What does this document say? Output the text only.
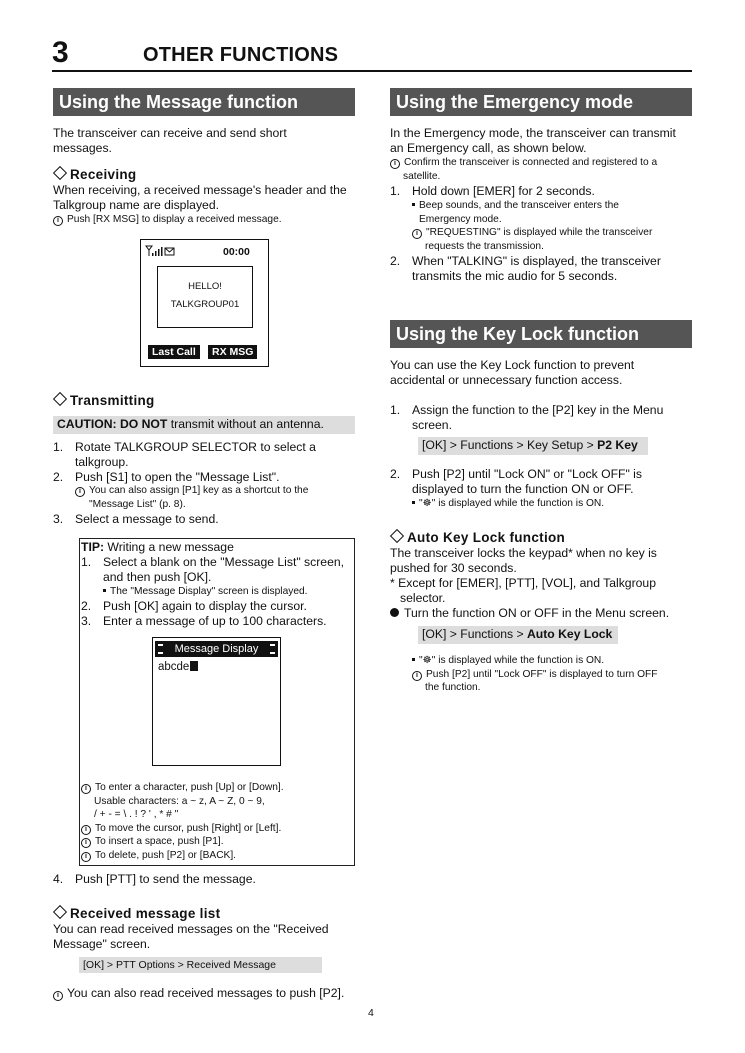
3	OTHER FUNCTIONS
Using the Message function
The transceiver can receive and send short
messages.
Receiving
When receiving, a received message's header and the
Talkgroup name are displayed.
i Push [RX MSG] to display a received message.
00:00
HELLO!
TALKGROUP01
Last Call	RX MSG
Transmitting
CAUTION: DO NOT transmit without an antenna.
1. Rotate TALKGROUP SELECTOR to select a
talkgroup.
2. Push [S1] to open the "Message List".
i You can also assign [P1] key as a shortcut to the
"Message List" (p. 8).
3. Select a message to send.
TIP: Writing a new message
1. Select a blank on the "Message List" screen,
and then push [OK].
The "Message Display" screen is displayed.
2. Push [OK] again to display the cursor.
3. Enter a message of up to 100 characters.
Message Display
abcde
i To enter a character, push [Up] or [Down].
Usable characters: a ~ z, A ~ Z, 0 ~ 9,
/ + - = \ . ! ? ' , * # "
i To move the cursor, push [Right] or [Left].
i To insert a space, push [P1].
i To delete, push [P2] or [BACK].
4. Push [PTT] to send the message.
Received message list
You can read received messages on the "Received
Message" screen.
[OK] > PTT Options > Received Message
i You can also read received messages to push [P2].
Using the Emergency mode
In the Emergency mode, the transceiver can transmit
an Emergency call, as shown below.
i Confirm the transceiver is connected and registered to a
satellite.
1. Hold down [EMER] for 2 seconds.
Beep sounds, and the transceiver enters the
Emergency mode.
i "REQUESTING" is displayed while the transceiver
requests the transmission.
2. When "TALKING" is displayed, the transceiver
transmits the mic audio for 5 seconds.
Using the Key Lock function
You can use the Key Lock function to prevent
accidental or unnecessary function access.
1. Assign the function to the [P2] key in the Menu
screen.
[OK] > Functions > Key Setup > P2 Key
2. Push [P2] until "Lock ON" or "Lock OFF" is
displayed to turn the function ON or OFF.
"☸" is displayed while the function is ON.
Auto Key Lock function
The transceiver locks the keypad* when no key is
pushed for 30 seconds.
* Except for [EMER], [PTT], [VOL], and Talkgroup
selector.
Turn the function ON or OFF in the Menu screen.
[OK] > Functions > Auto Key Lock
"☸" is displayed while the function is ON.
i Push [P2] until "Lock OFF" is displayed to turn OFF
the function.
4
